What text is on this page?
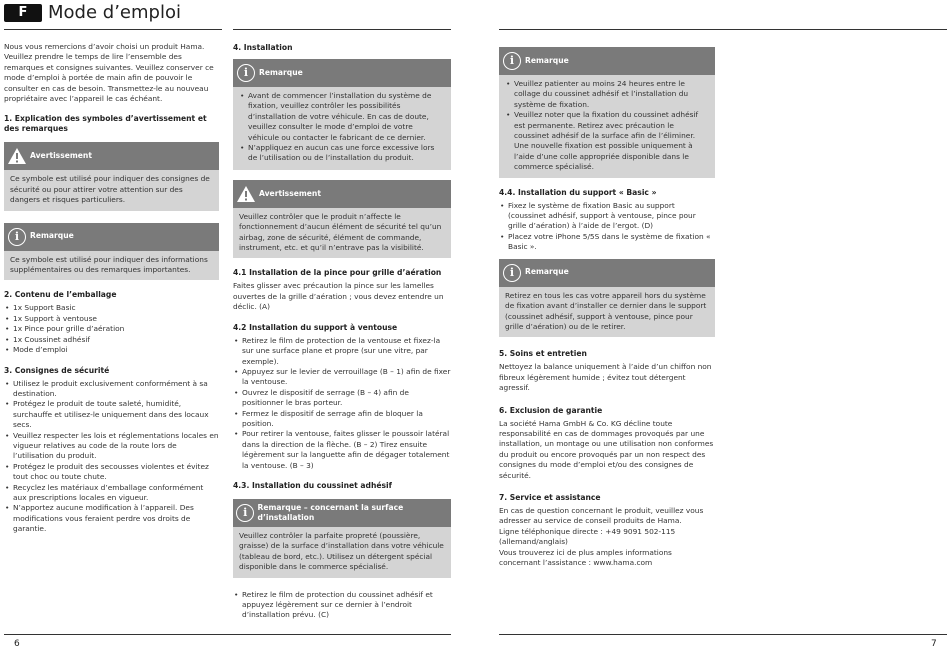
F	Mode d’emploi

Nous vous remercions d’avoir choisi un produit Hama. Veuillez prendre le temps de lire l’ensemble des remarques et consignes suivantes. Veuillez conserver ce mode d’emploi à portée de main afin de pouvoir le consulter en cas de besoin. Transmettez-le au nouveau propriétaire avec l’appareil le cas échéant.

1. Explication des symboles d’avertissement et des remarques
Avertissement
Ce symbole est utilisé pour indiquer des consignes de sécurité ou pour attirer votre attention sur des dangers et risques particuliers.
i	Remarque
Ce symbole est utilisé pour indiquer des informations supplémentaires ou des remarques importantes.
2. Contenu de l’emballage
• 1x Support Basic
• 1x Support à ventouse
• 1x Pince pour grille d’aération
• 1x Coussinet adhésif
• Mode d’emploi
3. Consignes de sécurité
• Utilisez le produit exclusivement conformément à sa destination.
• Protégez le produit de toute saleté, humidité, surchauffe et utilisez-le uniquement dans des locaux secs.
• Veuillez respecter les lois et réglementations locales en vigueur relatives au code de la route lors de l’utilisation du produit.
• Protégez le produit des secousses violentes et évitez tout choc ou toute chute.
• Recyclez les matériaux d’emballage conformément aux prescriptions locales en vigueur.
• N’apportez aucune modification à l’appareil. Des modifications vous feraient perdre vos droits de garantie.
4. Installation
i	Remarque
• Avant de commencer l’installation du système de fixation, veuillez contrôler les possibilités d’installation de votre véhicule. En cas de doute, veuillez consulter le mode d’emploi de votre véhicule ou contacter le fabricant de ce dernier.
• N’appliquez en aucun cas une force excessive lors de l’utilisation ou de l’installation du produit.
Avertissement
Veuillez contrôler que le produit n’affecte le fonctionnement d’aucun élément de sécurité tel qu’un airbag, zone de sécurité, élément de commande, instrument, etc. et qu’il n’entrave pas la visibilité.
4.1 Installation de la pince pour grille d’aération

Faites glisser avec précaution la pince sur les lamelles ouvertes de la grille d’aération ; vous devez entendre un déclic. (A)

4.2 Installation du support à ventouse
• Retirez le film de protection de la ventouse et fixez-la sur une surface plane et propre (sur une vitre, par exemple).
• Appuyez sur le levier de verrouillage (B – 1) afin de fixer la ventouse.
• Ouvrez le dispositif de serrage (B – 4) afin de positionner le bras porteur.
• Fermez le dispositif de serrage afin de bloquer la position.
• Pour retirer la ventouse, faites glisser le poussoir latéral dans la direction de la flèche. (B – 2) Tirez ensuite légèrement sur la languette afin de dégager totalement la ventouse. (B – 3)
4.3. Installation du coussinet adhésif
i	Remarque – concernant la surface d’installation
Veuillez contrôler la parfaite propreté (poussière, graisse) de la surface d’installation dans votre véhicule (tableau de bord, etc.). Utilisez un détergent spécial disponible dans le commerce spécialisé.
• Retirez le film de protection du coussinet adhésif et appuyez légèrement sur ce dernier à l’endroit d’installation prévu. (C)
6
i	Remarque
• Veuillez patienter au moins 24 heures entre le collage du coussinet adhésif et l’installation du système de fixation.
• Veuillez noter que la fixation du coussinet adhésif est permanente. Retirez avec précaution le coussinet adhésif de la surface afin de l’éliminer. Une nouvelle fixation est possible uniquement à l’aide d’une colle appropriée disponible dans le commerce spécialisé.
4.4. Installation du support « Basic »
• Fixez le système de fixation Basic au support (coussinet adhésif, support à ventouse, pince pour grille d’aération) à l’aide de l’ergot. (D)
• Placez votre iPhone 5/5S dans le système de fixation « Basic ».
i	Remarque
Retirez en tous les cas votre appareil hors du système de fixation avant d’installer ce dernier dans le support (coussinet adhésif, support à ventouse, pince pour grille d’aération) ou de le retirer.
5. Soins et entretien

Nettoyez la balance uniquement à l’aide d’un chiffon non fibreux légèrement humide ; évitez tout détergent agressif.

6. Exclusion de garantie

La société Hama GmbH & Co. KG décline toute responsabilité en cas de dommages provoqués par une installation, un montage ou une utilisation non conformes du produit ou encore provoqués par un non respect des consignes du mode d’emploi et/ou des consignes de sécurité.

7. Service et assistance

En cas de question concernant le produit, veuillez vous adresser au service de conseil produits de Hama.

Ligne téléphonique directe : +49 9091 502-115 (allemand/anglais)

Vous trouverez ici de plus amples informations concernant l’assistance : www.hama.com

7
